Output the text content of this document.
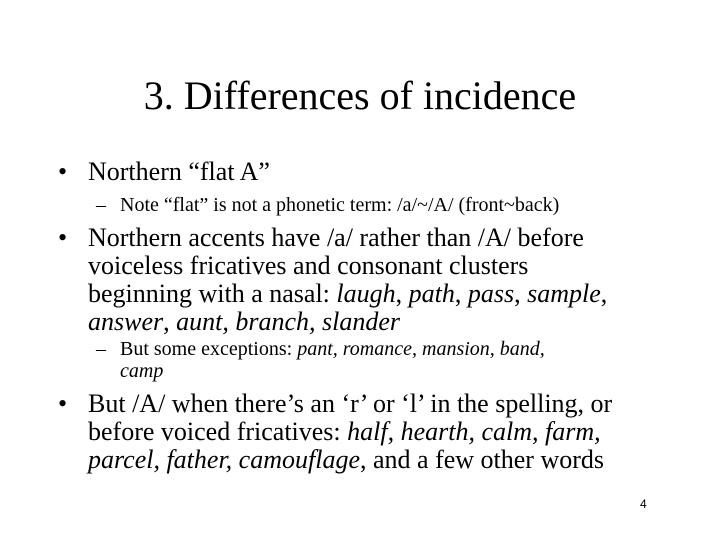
3. Differences of incidence
• Northern “flat A”
– Note “flat” is not a phonetic term: /a/~/A/ (front~back)
• Northern accents have /a/ rather than /A/ before
voiceless fricatives and consonant clusters
beginning with a nasal: laugh, path, pass, sample,
answer, aunt, branch, slander
– But some exceptions: pant, romance, mansion, band,
camp
• But /A/ when there’s an ‘r’ or ‘l’ in the spelling, or
before voiced fricatives: half, hearth, calm, farm,
parcel, father, camouflage, and a few other words
4
